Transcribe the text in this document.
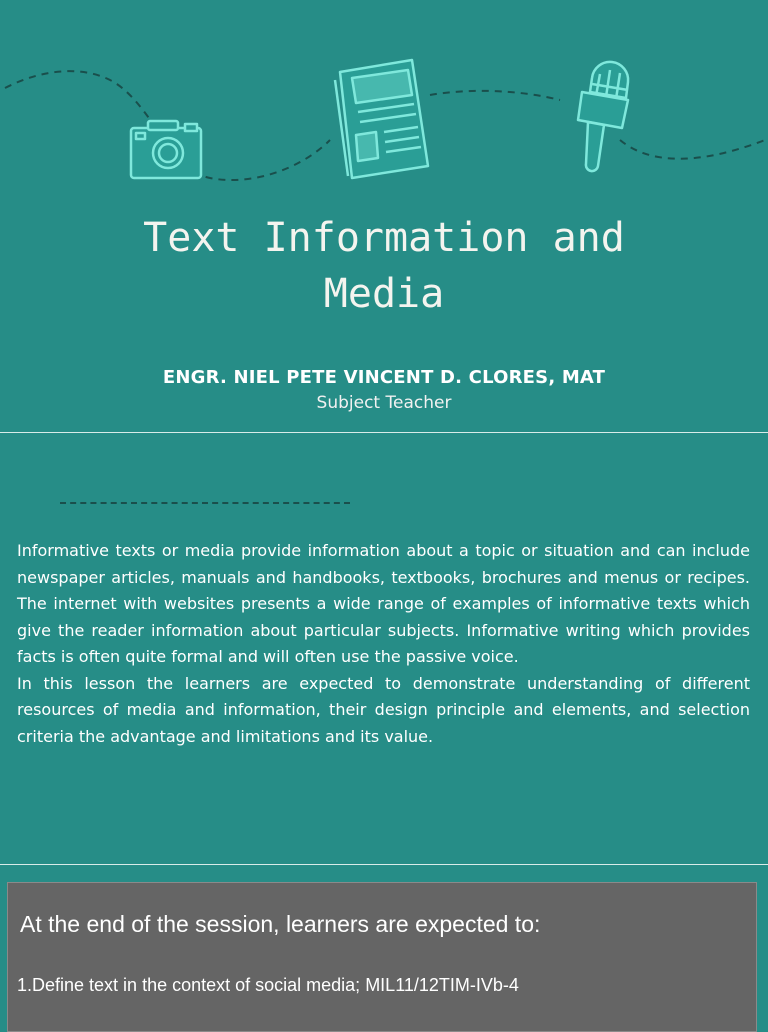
Text Information and
Media
ENGR. NIEL PETE VINCENT D. CLORES, MAT
Subject Teacher

Informative texts or media provide information about a topic or situation and can include newspaper articles, manuals and handbooks, textbooks, brochures and menus or recipes. The internet with websites presents a wide range of examples of informative texts which give the reader information about particular subjects. Informative writing which provides facts is often quite formal and will often use the passive voice.

In this lesson the learners are expected to demonstrate understanding of different resources of media and information, their design principle and elements, and selection criteria the advantage and limitations and its value.

At the end of the session, learners are expected to:
1.Define text in the context of social media; MIL11/12TIM-IVb-4
